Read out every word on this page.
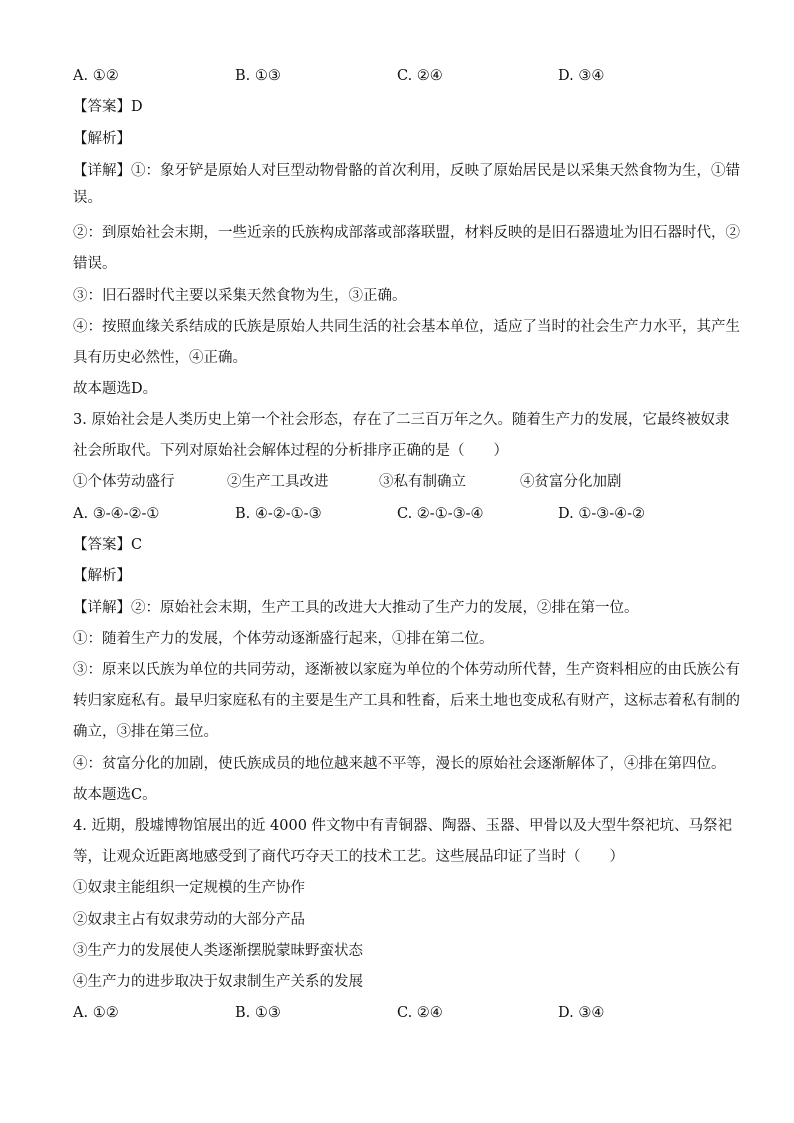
A. ①②	B. ①③	C. ②④	D. ③④
【答案】D
【解析】
【详解】①：象牙铲是原始人对巨型动物骨骼的首次利用，反映了原始居民是以采集天然食物为生，①错
误。
②：到原始社会末期，一些近亲的氏族构成部落或部落联盟，材料反映的是旧石器遗址为旧石器时代，②
错误。
③：旧石器时代主要以采集天然食物为生，③正确。
④：按照血缘关系结成的氏族是原始人共同生活的社会基本单位，适应了当时的社会生产力水平，其产生
具有历史必然性，④正确。
故本题选D。
3. 原始社会是人类历史上第一个社会形态，存在了二三百万年之久。随着生产力的发展，它最终被奴隶
社会所取代。下列对原始社会解体过程的分析排序正确的是（　　）
①个体劳动盛行	②生产工具改进	③私有制确立	④贫富分化加剧
A. ③-④-②-①	B. ④-②-①-③	C. ②-①-③-④	D. ①-③-④-②
【答案】C
【解析】
【详解】②：原始社会末期，生产工具的改进大大推动了生产力的发展，②排在第一位。
①：随着生产力的发展，个体劳动逐渐盛行起来，①排在第二位。
③：原来以氏族为单位的共同劳动，逐渐被以家庭为单位的个体劳动所代替，生产资料相应的由氏族公有
转归家庭私有。最早归家庭私有的主要是生产工具和牲畜，后来土地也变成私有财产，这标志着私有制的
确立，③排在第三位。
④：贫富分化的加剧，使氏族成员的地位越来越不平等，漫长的原始社会逐渐解体了，④排在第四位。
故本题选C。
4. 近期，殷墟博物馆展出的近 4000 件文物中有青铜器、陶器、玉器、甲骨以及大型牛祭祀坑、马祭祀
等，让观众近距离地感受到了商代巧夺天工的技术工艺。这些展品印证了当时（　　）
①奴隶主能组织一定规模的生产协作
②奴隶主占有奴隶劳动的大部分产品
③生产力的发展使人类逐渐摆脱蒙昧野蛮状态
④生产力的进步取决于奴隶制生产关系的发展
A. ①②	B. ①③	C. ②④	D. ③④
